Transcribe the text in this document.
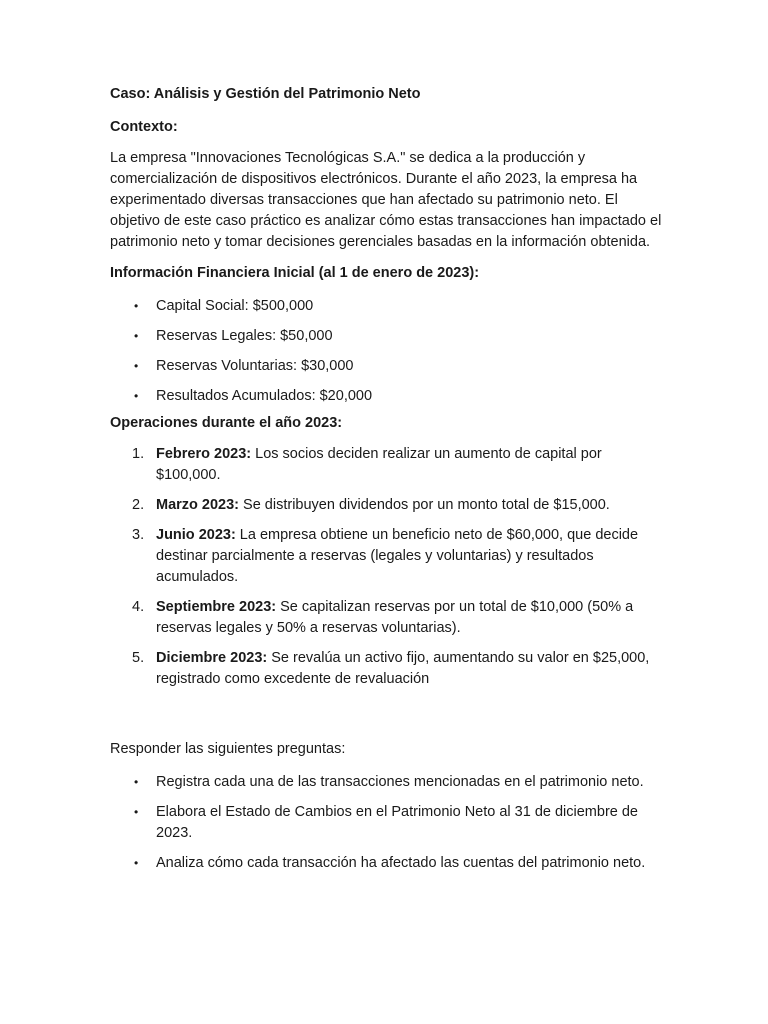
Caso: Análisis y Gestión del Patrimonio Neto

Contexto:

La empresa "Innovaciones Tecnológicas S.A." se dedica a la producción y comercialización de dispositivos electrónicos. Durante el año 2023, la empresa ha experimentado diversas transacciones que han afectado su patrimonio neto. El objetivo de este caso práctico es analizar cómo estas transacciones han impactado el patrimonio neto y tomar decisiones gerenciales basadas en la información obtenida.

Información Financiera Inicial (al 1 de enero de 2023):

• Capital Social: $500,000
• Reservas Legales: $50,000
• Reservas Voluntarias: $30,000
• Resultados Acumulados: $20,000

Operaciones durante el año 2023:

1. Febrero 2023: Los socios deciden realizar un aumento de capital por $100,000.
2. Marzo 2023: Se distribuyen dividendos por un monto total de $15,000.
3. Junio 2023: La empresa obtiene un beneficio neto de $60,000, que decide destinar parcialmente a reservas (legales y voluntarias) y resultados acumulados.
4. Septiembre 2023: Se capitalizan reservas por un total de $10,000 (50% a reservas legales y 50% a reservas voluntarias).
5. Diciembre 2023: Se revalúa un activo fijo, aumentando su valor en $25,000, registrado como excedente de revaluación

Responder las siguientes preguntas:

• Registra cada una de las transacciones mencionadas en el patrimonio neto.
• Elabora el Estado de Cambios en el Patrimonio Neto al 31 de diciembre de 2023.
• Analiza cómo cada transacción ha afectado las cuentas del patrimonio neto.
